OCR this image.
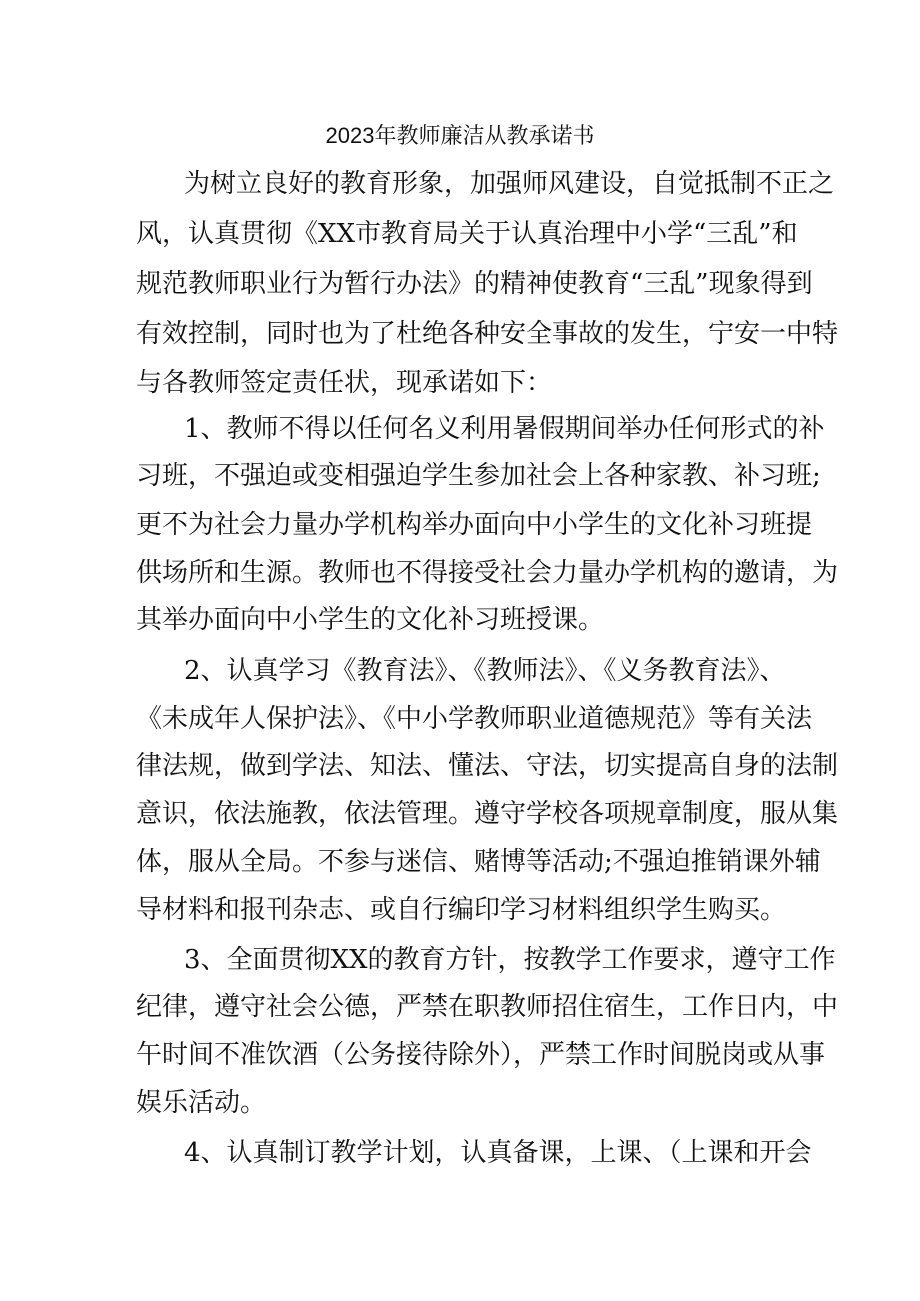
2023年教师廉洁从教承诺书
为树立良好的教育形象，加强师风建设，自觉抵制不正之
风，认真贯彻《XX市教育局关于认真治理中小学“三乱”和
规范教师职业行为暂行办法》的精神使教育“三乱”现象得到
有效控制，同时也为了杜绝各种安全事故的发生，宁安一中特
与各教师签定责任状，现承诺如下：
1、教师不得以任何名义利用暑假期间举办任何形式的补
习班，不强迫或变相强迫学生参加社会上各种家教、补习班;
更不为社会力量办学机构举办面向中小学生的文化补习班提
供场所和生源。教师也不得接受社会力量办学机构的邀请，为
其举办面向中小学生的文化补习班授课。
2、认真学习《教育法》、《教师法》、《义务教育法》、
《未成年人保护法》、《中小学教师职业道德规范》等有关法
律法规，做到学法、知法、懂法、守法，切实提高自身的法制
意识，依法施教，依法管理。遵守学校各项规章制度，服从集
体，服从全局。不参与迷信、赌博等活动;不强迫推销课外辅
导材料和报刊杂志、或自行编印学习材料组织学生购买。
3、全面贯彻XX的教育方针，按教学工作要求，遵守工作
纪律，遵守社会公德，严禁在职教师招住宿生，工作日内，中
午时间不准饮酒（公务接待除外），严禁工作时间脱岗或从事
娱乐活动。
4、认真制订教学计划，认真备课，上课、（上课和开会
